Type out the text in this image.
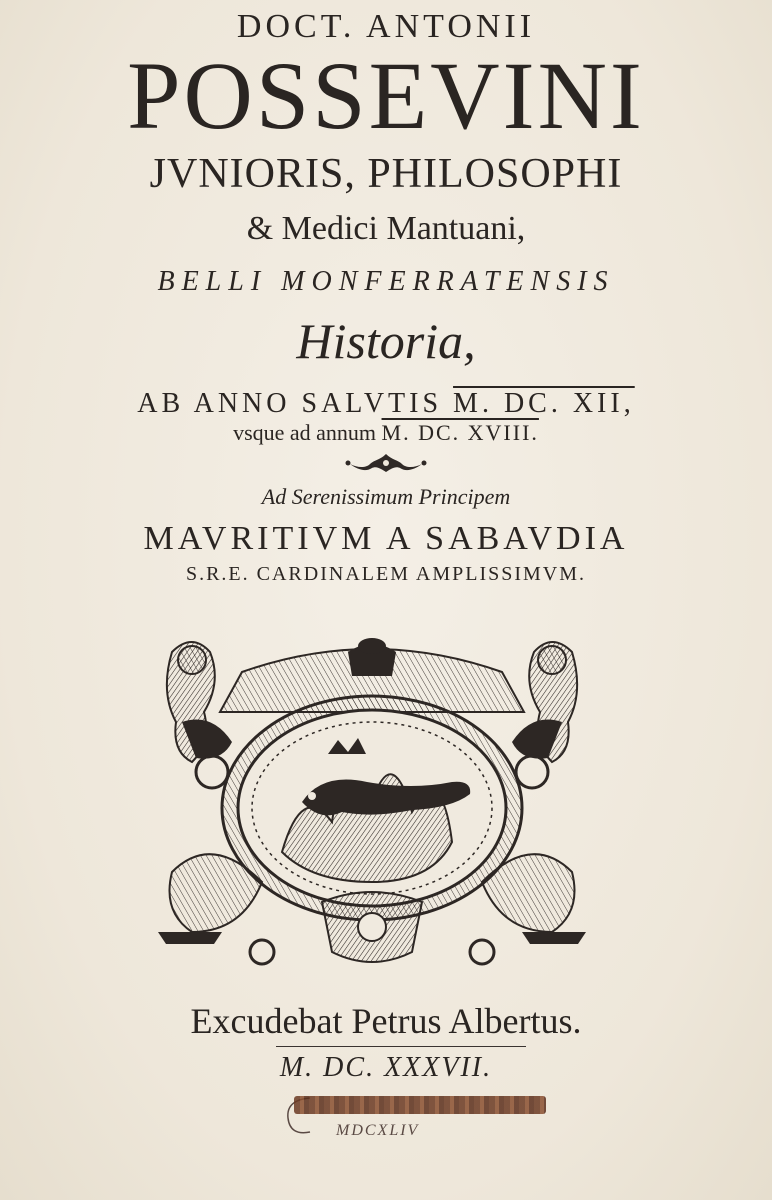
DOCT. ANTONII
POSSEVINI
JVNIORIS, PHILOSOPHI
& Medici Mantuani,
BELLI MONFERRATENSIS
Historia,
AB ANNO SALVTIS M. DC. XII,
vsque ad annum M. DC. XVIII.
Ad Serenissimum Principem
MAVRITIVM A SABAVDIA
S.R.E. CARDINALEM AMPLISSIMVM.
Excudebat Petrus Albertus.
M. DC. XXXVII.
MDCXLIV
